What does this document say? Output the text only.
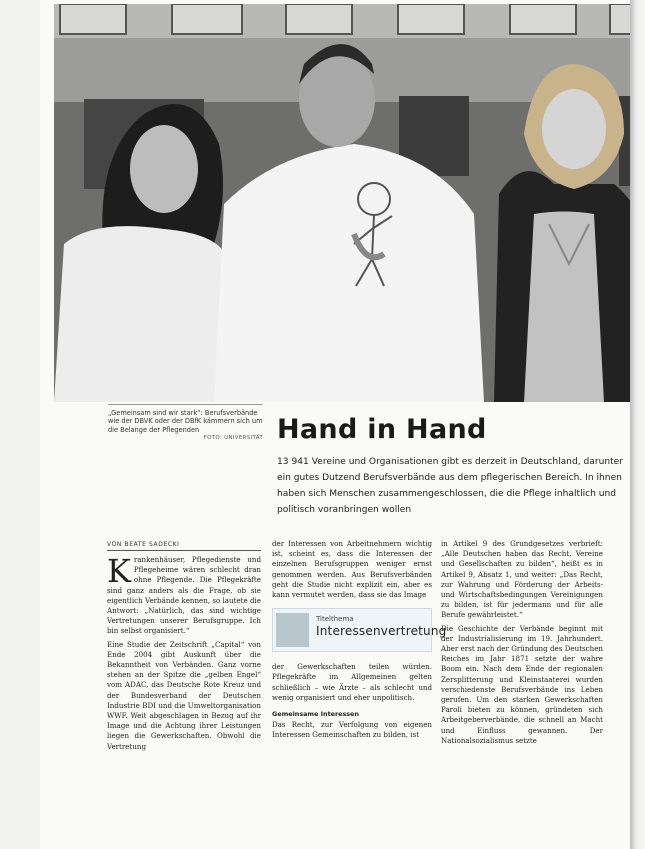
„Gemeinsam sind wir stark“: Berufsverbände wie der DBVK oder der DBfK kämmern sich um die Belange der Pflegenden
FOTO: UNIVERSITÄT Hand in Hand
13 941 Vereine und Organisationen gibt es derzeit in Deutschland, darunter ein gutes Dutzend Berufsverbände aus dem pflegerischen Bereich. In ihnen haben sich Menschen zusammengeschlossen, die die Pflege inhaltlich und politisch voranbringen wollen
VON BEATE SADECKI

Krankenhäuser, Pflegedienste und Pflegeheime wären schlecht dran ohne Pflegende. Die Pflegekräfte sind ganz anders als die Frage, ob sie eigentlich Verbände kennen, so lautete die Antwort: „Natürlich, das sind wichtige Vertretungen unserer Berufsgruppe. Ich bin selbst organisiert.“

Eine Studie der Zeitschrift „Capital“ von Ende 2004 gibt Auskunft über die Bekanntheit von Verbänden. Ganz vorne stehen an der Spitze die „gelben Engel“ vom ADAC, das Deutsche Rote Kreuz und der Bundesverband der Deutschen Industrie BDI und die Umweltorganisation WWF. Weit abgeschlagen in Bezug auf ihr Image und die Achtung ihrer Leistungen liegen die Gewerkschaften. Obwohl die Vertretung

der Interessen von Arbeitnehmern wichtig ist, scheint es, dass die Interessen der einzelnen Berufsgruppen weniger ernst genommen werden. Aus Berufsverbänden geht die Studie nicht explizit ein, aber es kann vermutet werden, dass sie das Image

Titelthema
Interessenvertretung

der Gewerkschaften teilen würden. Pflegekräfte im Allgemeinen gelten schließlich – wie Ärzte – als schlecht und wenig organisiert und eher unpolitisch.

Gemeinsame Interessen

Das Recht, zur Verfolgung von eigenen Interessen Gemeinschaften zu bilden, ist

in Artikel 9 des Grundgesetzes verbrieft: „Alle Deutschen haben das Recht, Vereine und Gesellschaften zu bilden“, heißt es in Artikel 9, Absatz 1, und weiter: „Das Recht, zur Wahrung und Förderung der Arbeits- und Wirtschaftsbedingungen Vereinigungen zu bilden, ist für jedermann und für alle Berufe gewährleistet.“

Die Geschichte der Verbände beginnt mit der Industrialisierung im 19. Jahrhundert. Aber erst nach der Gründung des Deutschen Reiches im Jahr 1871 setzte der wahre Boom ein. Nach dem Ende der regionalen Zersplitterung und Kleinstaaterei wurden verschiedenste Berufsverbände ins Leben gerufen. Um den starken Gewerkschaften Paroli bieten zu können, gründeten sich Arbeitgeberverbände, die schnell an Macht und Einfluss gewannen. Der Nationalsozialismus setzte
